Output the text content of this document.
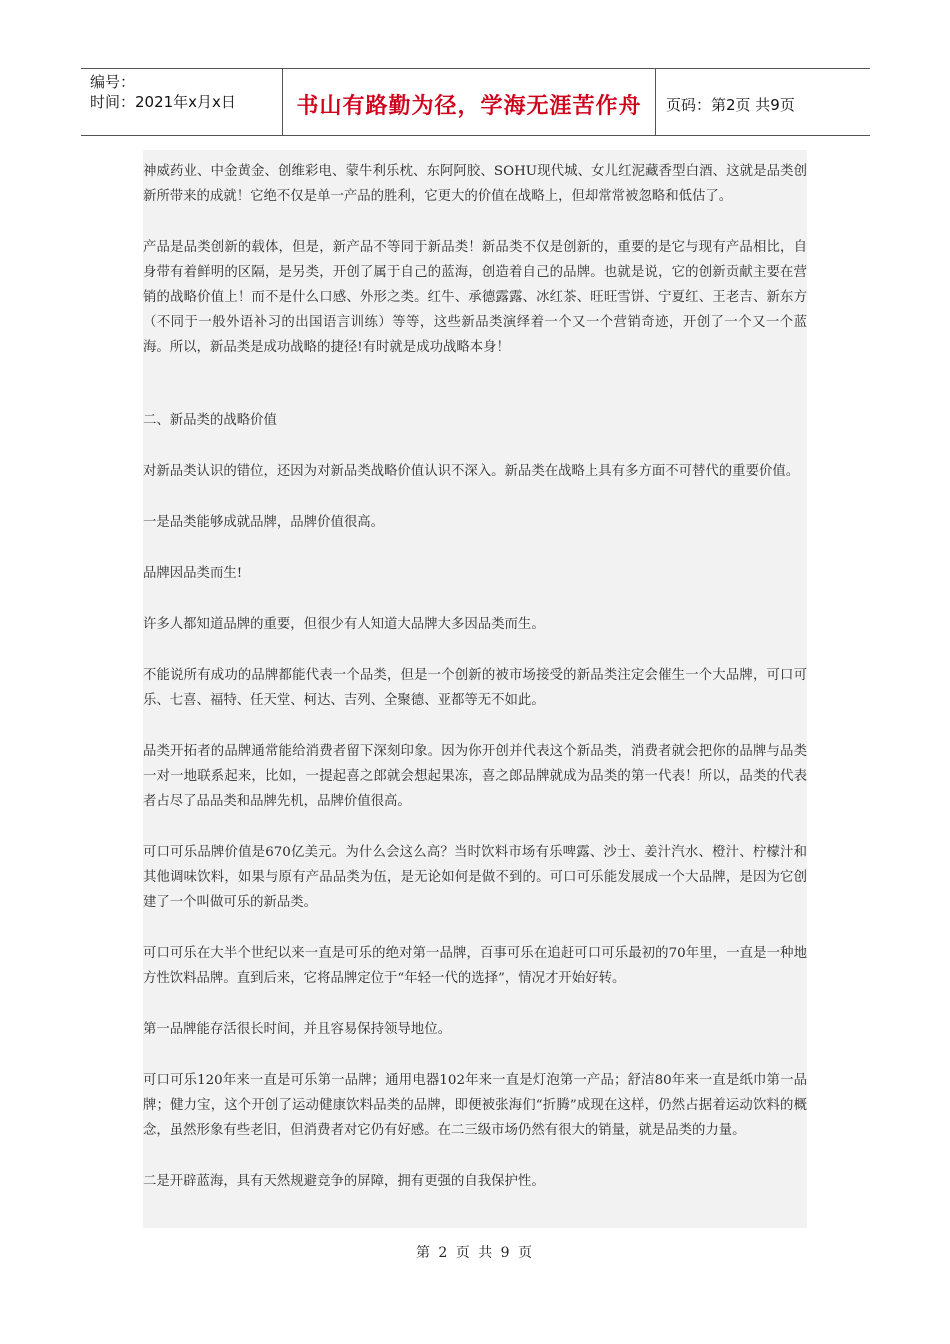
编号：
时间：2021年x月x日	书山有路勤为径，学海无涯苦作舟 页码：第2页 共9页

神威药业、中金黄金、创维彩电、蒙牛利乐枕、东阿阿胶、SOHU现代城、女儿红泥藏香型白酒、这就是品类创新所带来的成就！它绝不仅是单一产品的胜利，它更大的价值在战略上，但却常常被忽略和低估了。

产品是品类创新的载体，但是，新产品不等同于新品类！新品类不仅是创新的，重要的是它与现有产品相比，自身带有着鲜明的区隔，是另类，开创了属于自己的蓝海，创造着自己的品牌。也就是说，它的创新贡献主要在营销的战略价值上！而不是什么口感、外形之类。红牛、承德露露、冰红茶、旺旺雪饼、宁夏红、王老吉、新东方（不同于一般外语补习的出国语言训练）等等，这些新品类演绎着一个又一个营销奇迹，开创了一个又一个蓝海。所以，新品类是成功战略的捷径!有时就是成功战略本身！

二、新品类的战略价值

对新品类认识的错位，还因为对新品类战略价值认识不深入。新品类在战略上具有多方面不可替代的重要价值。

一是品类能够成就品牌，品牌价值很高。

品牌因品类而生!

许多人都知道品牌的重要，但很少有人知道大品牌大多因品类而生。

不能说所有成功的品牌都能代表一个品类，但是一个创新的被市场接受的新品类注定会催生一个大品牌，可口可乐、七喜、福特、任天堂、柯达、吉列、全聚德、亚都等无不如此。

品类开拓者的品牌通常能给消费者留下深刻印象。因为你开创并代表这个新品类，消费者就会把你的品牌与品类一对一地联系起来，比如，一提起喜之郎就会想起果冻，喜之郎品牌就成为品类的第一代表！所以，品类的代表者占尽了品品类和品牌先机，品牌价值很高。

可口可乐品牌价值是670亿美元。为什么会这么高？当时饮料市场有乐啤露、沙士、姜汁汽水、橙汁、柠檬汁和其他调味饮料，如果与原有产品品类为伍，是无论如何是做不到的。可口可乐能发展成一个大品牌，是因为它创建了一个叫做可乐的新品类。

可口可乐在大半个世纪以来一直是可乐的绝对第一品牌，百事可乐在追赶可口可乐最初的70年里，一直是一种地方性饮料品牌。直到后来，它将品牌定位于“年轻一代的选择”，情况才开始好转。

第一品牌能存活很长时间，并且容易保持领导地位。

可口可乐120年来一直是可乐第一品牌；通用电器102年来一直是灯泡第一产品；舒洁80年来一直是纸巾第一品牌；健力宝，这个开创了运动健康饮料品类的品牌，即便被张海们“折腾”成现在这样，仍然占据着运动饮料的概念，虽然形象有些老旧，但消费者对它仍有好感。在二三级市场仍然有很大的销量，就是品类的力量。

二是开辟蓝海，具有天然规避竞争的屏障，拥有更强的自我保护性。

第 2 页 共 9 页
